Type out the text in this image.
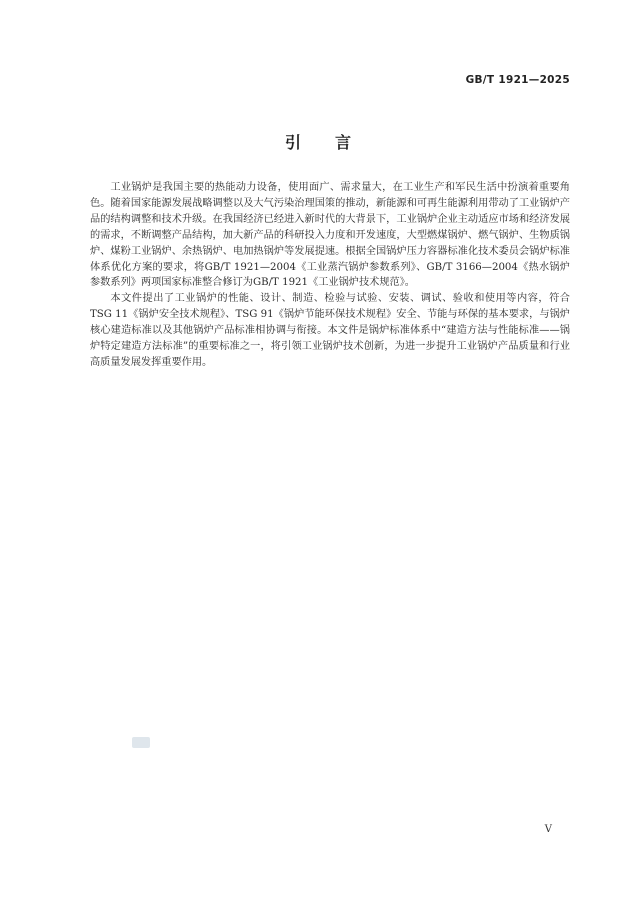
GB/T 1921—2025
引言

工业锅炉是我国主要的热能动力设备，使用面广、需求量大，在工业生产和军民生活中扮演着重要角色。随着国家能源发展战略调整以及大气污染治理国策的推动，新能源和可再生能源利用带动了工业锅炉产品的结构调整和技术升级。在我国经济已经进入新时代的大背景下，工业锅炉企业主动适应市场和经济发展的需求，不断调整产品结构，加大新产品的科研投入力度和开发速度，大型燃煤锅炉、燃气锅炉、生物质锅炉、煤粉工业锅炉、余热锅炉、电加热锅炉等发展提速。根据全国锅炉压力容器标准化技术委员会锅炉标准体系优化方案的要求，将GB/T 1921—2004《工业蒸汽锅炉参数系列》、GB/T 3166—2004《热水锅炉参数系列》两项国家标准整合修订为GB/T 1921《工业锅炉技术规范》。

本文件提出了工业锅炉的性能、设计、制造、检验与试验、安装、调试、验收和使用等内容，符合TSG 11《锅炉安全技术规程》、TSG 91《锅炉节能环保技术规程》安全、节能与环保的基本要求，与锅炉核心建造标准以及其他锅炉产品标准相协调与衔接。本文件是锅炉标准体系中“建造方法与性能标准——锅炉特定建造方法标准”的重要标准之一，将引领工业锅炉技术创新，为进一步提升工业锅炉产品质量和行业高质量发展发挥重要作用。

V
